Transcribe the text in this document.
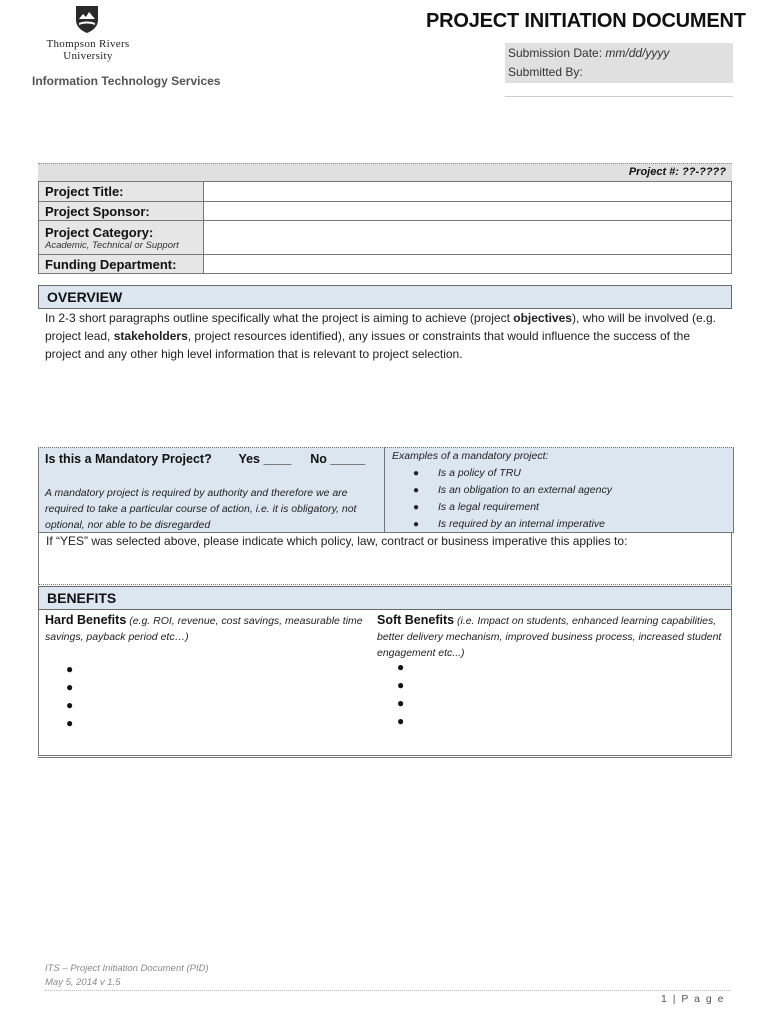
Thompson Rivers
University
Information Technology Services
PROJECT INITIATION DOCUMENT
Submission Date: mm/dd/yyyy
Submitted By:
Project #: ??-????
Project Title:	
Project Sponsor:	
Project Category:
Academic, Technical or Support	

Funding Department:	
OVERVIEW
In 2-3 short paragraphs outline specifically what the project is aiming to achieve (project objectives), who will be involved (e.g. project lead, stakeholders, project resources identified), any issues or constraints that would influence the success of the project and any other high level information that is relevant to project selection.
Is this a Mandatory Project? Yes ____ No _____
A mandatory project is required by authority and therefore we are required to take a particular course of action, i.e. it is obligatory, not optional, nor able to be disregarded
Examples of a mandatory project:
● Is a policy of TRU
● Is an obligation to an external agency
● Is a legal requirement
● Is required by an internal imperative
If “YES” was selected above, please indicate which policy, law, contract or business imperative this applies to:
BENEFITS
Hard Benefits (e.g. ROI, revenue, cost savings, measurable time savings, payback period etc…)
Soft Benefits (i.e. Impact on students, enhanced learning capabilities, better delivery mechanism, improved business process, increased student engagement etc...)
●
●
●
●
●
●
●
●
ITS – Project Initiation Document (PID)
May 5, 2014 v 1.5
1 | P a g e
